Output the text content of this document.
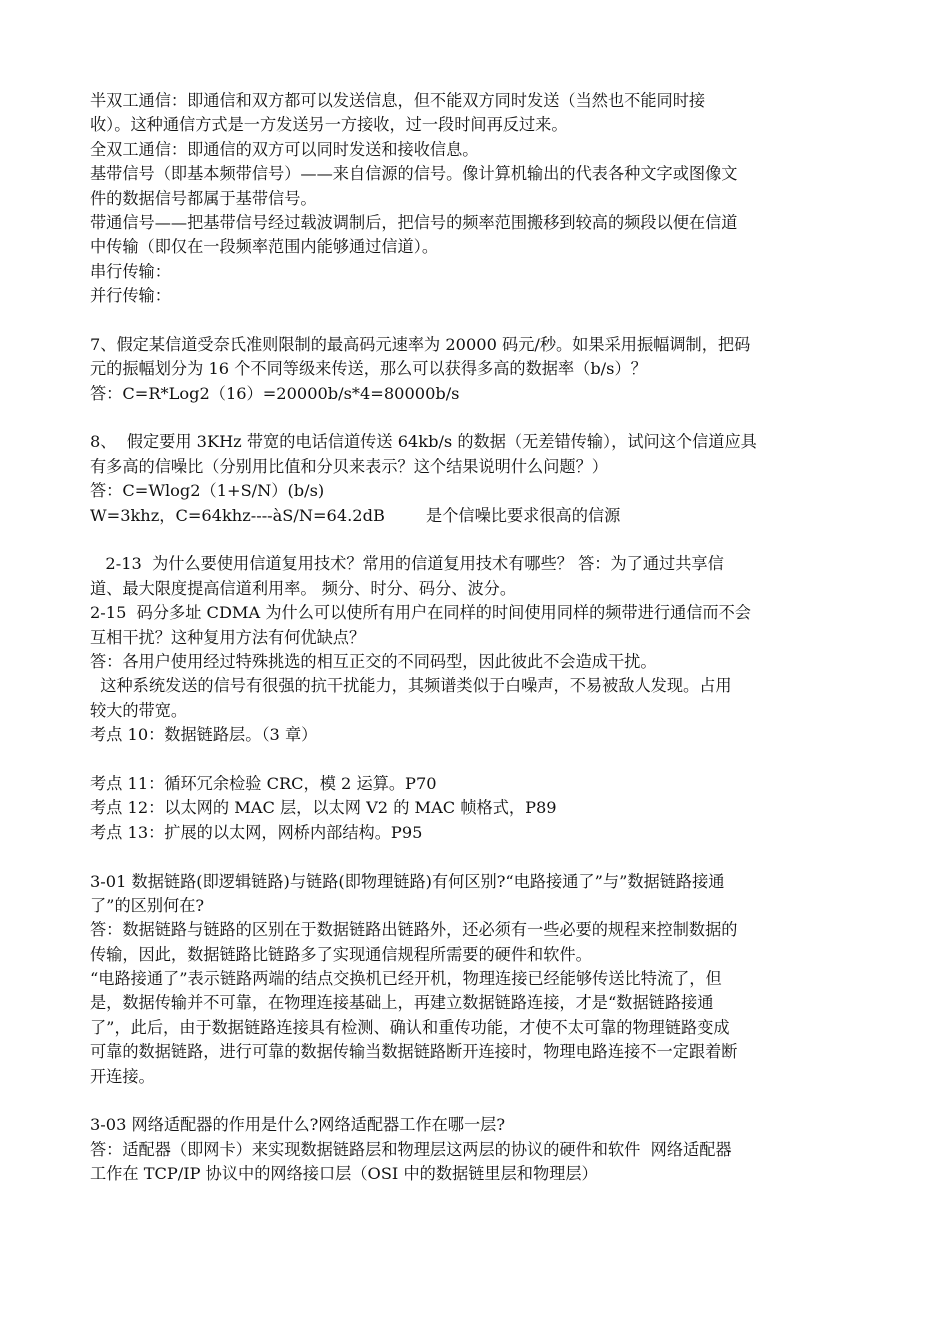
半双工通信：即通信和双方都可以发送信息，但不能双方同时发送（当然也不能同时接
收）。这种通信方式是一方发送另一方接收，过一段时间再反过来。
全双工通信：即通信的双方可以同时发送和接收信息。
基带信号（即基本频带信号）——来自信源的信号。像计算机输出的代表各种文字或图像文
件的数据信号都属于基带信号。
带通信号——把基带信号经过载波调制后，把信号的频率范围搬移到较高的频段以便在信道
中传输（即仅在一段频率范围内能够通过信道）。
串行传输：
并行传输：
7、假定某信道受奈氏准则限制的最高码元速率为 20000 码元/秒。如果采用振幅调制，把码
元的振幅划分为 16 个不同等级来传送，那么可以获得多高的数据率（b/s）？
答：C=R*Log2（16）=20000b/s*4=80000b/s
8、  假定要用 3KHz 带宽的电话信道传送 64kb/s 的数据（无差错传输），试问这个信道应具
有多高的信噪比（分别用比值和分贝来表示？这个结果说明什么问题？）
答：C=Wlog2（1+S/N）(b/s)
W=3khz，C=64khz----àS/N=64.2dB        是个信噪比要求很高的信源
2-13  为什么要使用信道复用技术？常用的信道复用技术有哪些？ 答：为了通过共享信
道、最大限度提高信道利用率。 频分、时分、码分、波分。
2-15  码分多址 CDMA 为什么可以使所有用户在同样的时间使用同样的频带进行通信而不会
互相干扰？这种复用方法有何优缺点？
答：各用户使用经过特殊挑选的相互正交的不同码型，因此彼此不会造成干扰。
这种系统发送的信号有很强的抗干扰能力，其频谱类似于白噪声，不易被敌人发现。占用
较大的带宽。
考点 10：数据链路层。（3 章）
考点 11：循环冗余检验 CRC，模 2 运算。P70
考点 12：以太网的 MAC 层，以太网 V2 的 MAC 帧格式，P89
考点 13：扩展的以太网，网桥内部结构。P95
3-01 数据链路(即逻辑链路)与链路(即物理链路)有何区别?“电路接通了”与”数据链路接通
了”的区别何在?
答：数据链路与链路的区别在于数据链路出链路外，还必须有一些必要的规程来控制数据的
传输，因此，数据链路比链路多了实现通信规程所需要的硬件和软件。
“电路接通了”表示链路两端的结点交换机已经开机，物理连接已经能够传送比特流了，但
是，数据传输并不可靠，在物理连接基础上，再建立数据链路连接，才是“数据链路接通
了”，此后，由于数据链路连接具有检测、确认和重传功能，才使不太可靠的物理链路变成
可靠的数据链路，进行可靠的数据传输当数据链路断开连接时，物理电路连接不一定跟着断
开连接。
3-03 网络适配器的作用是什么?网络适配器工作在哪一层?
答：适配器（即网卡）来实现数据链路层和物理层这两层的协议的硬件和软件  网络适配器
工作在 TCP/IP 协议中的网络接口层（OSI 中的数据链里层和物理层）
